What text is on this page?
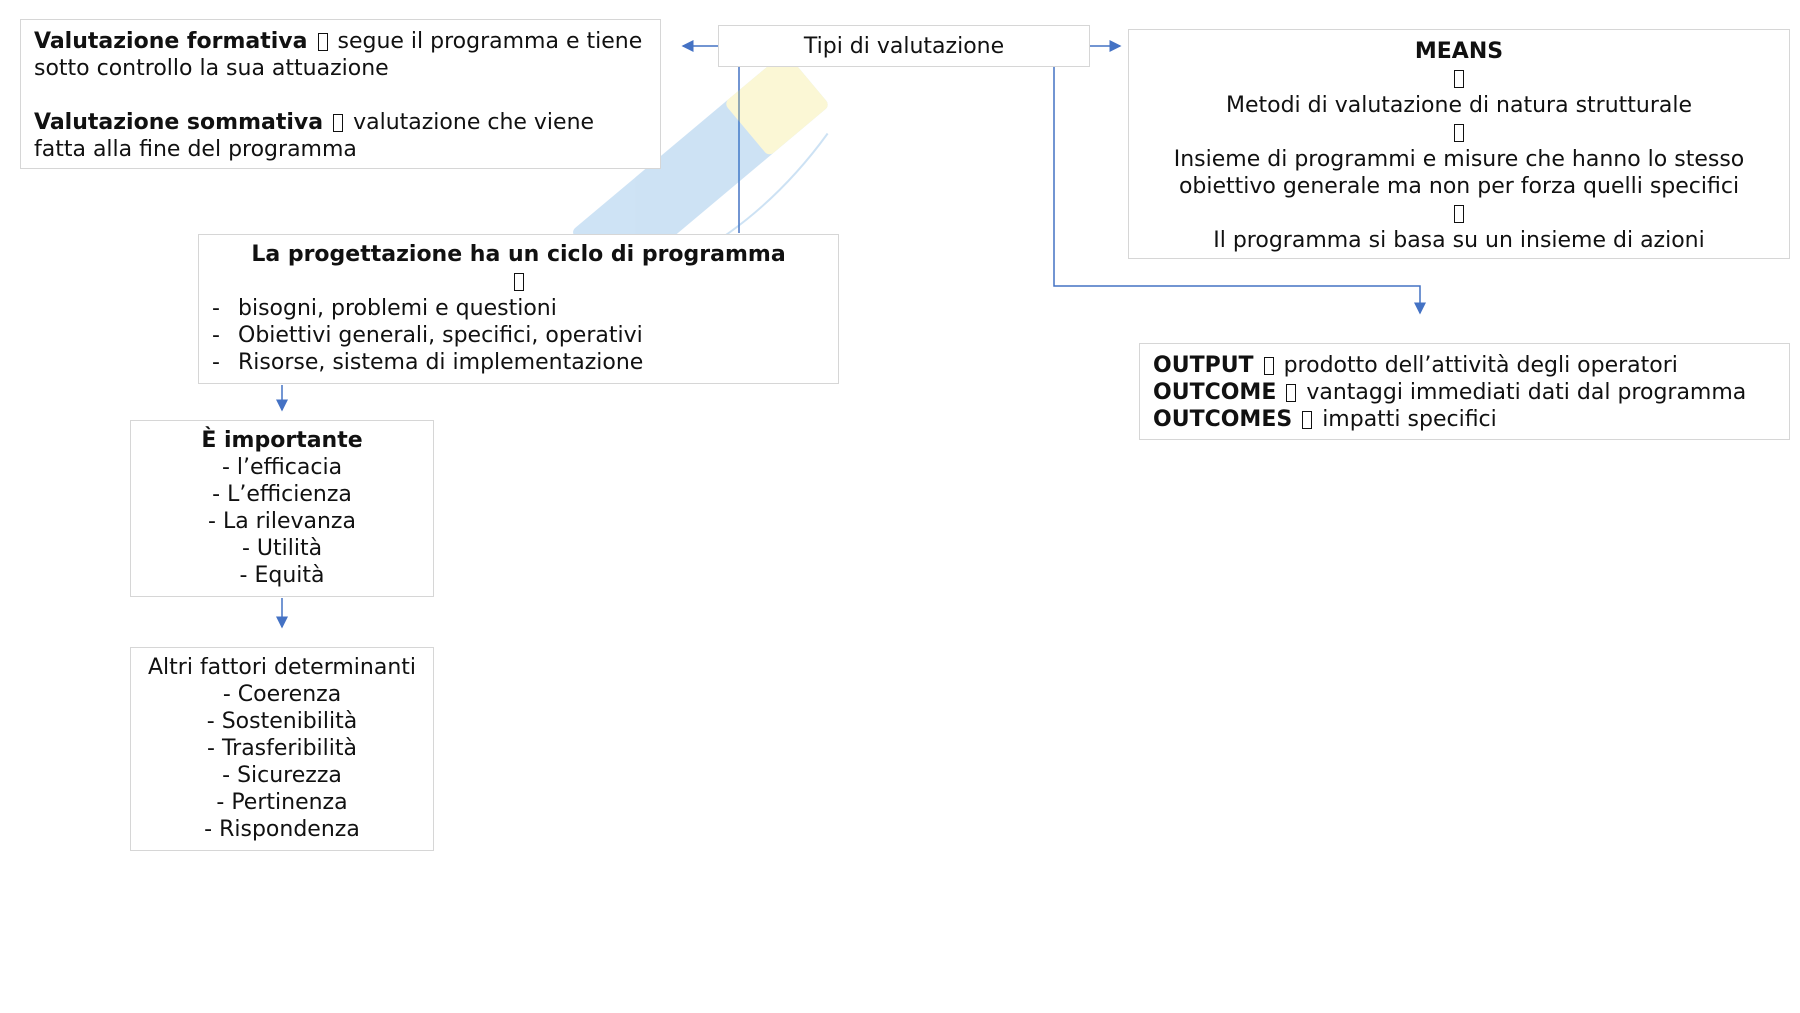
Tipi di valutazione
Valutazione formativa segue il programma e tiene sotto controllo la sua attuazione
Valutazione sommativa valutazione che viene fatta alla fine del programma
MEANS
Metodi di valutazione di natura strutturale
Insieme di programmi e misure che hanno lo stesso obiettivo generale ma non per forza quelli specifici
Il programma si basa su un insieme di azioni
La progettazione ha un ciclo di programma
- bisogni, problemi e questioni
- Obiettivi generali, specifici, operativi
- Risorse, sistema di implementazione	OUTPUT prodotto dell’attività degli operatori
OUTCOME vantaggi immediati dati dal programma
OUTCOMES impatti specifici
È importante
- l’efficacia
- L’efficienza
- La rilevanza
- Utilità
- Equità
Altri fattori determinanti
- Coerenza
- Sostenibilità
- Trasferibilità
- Sicurezza
- Pertinenza
- Rispondenza
